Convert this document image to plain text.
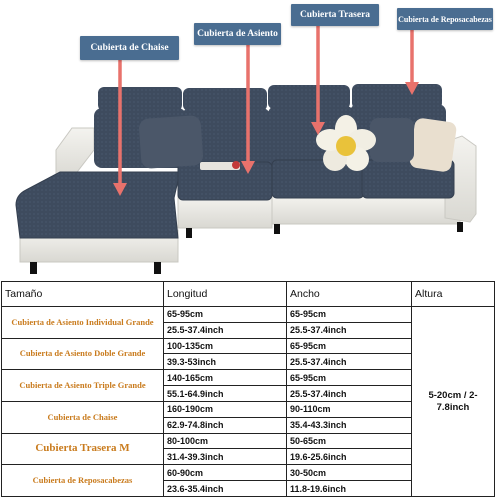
Cubierta de Chaise
Cubierta de Asiento
Cubierta Trasera	Cubierta de Reposacabezas
Tamaño	Longitud	Ancho	Altura
Cubierta de Asiento Individual Grande	65-95cm	65-95cm	5-20cm / 2-7.8inch
	25.5-37.4inch	25.5-37.4inch	
Cubierta de Asiento Doble Grande	100-135cm	65-95cm	
	39.3-53inch	25.5-37.4inch	
Cubierta de Asiento Triple Grande	140-165cm	65-95cm	
	55.1-64.9inch	25.5-37.4inch	
Cubierta de Chaise	160-190cm	90-110cm	
	62.9-74.8inch	35.4-43.3inch	
Cubierta Trasera M	80-100cm	50-65cm	
	31.4-39.3inch	19.6-25.6inch	
Cubierta de Reposacabezas	60-90cm	30-50cm	
	23.6-35.4inch	11.8-19.6inch	
